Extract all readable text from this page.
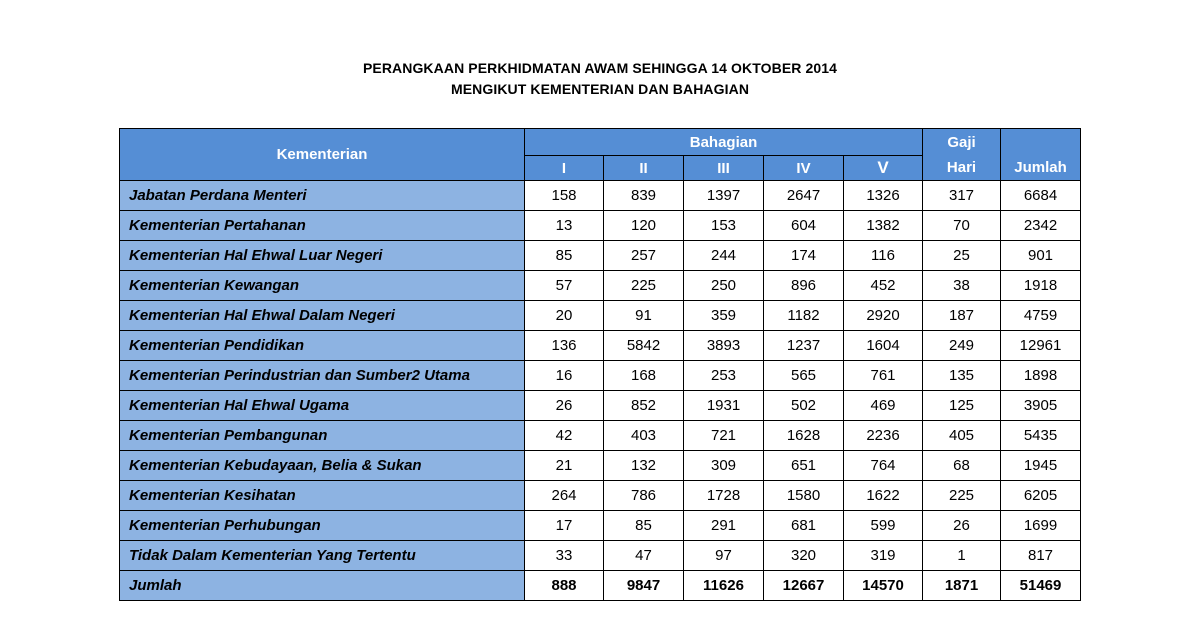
PERANGKAAN PERKHIDMATAN AWAM SEHINGGA 14 OKTOBER 2014
MENGIKUT KEMENTERIAN DAN BAHAGIAN
Kementerian	Bahagian					Gaji	
	I	II	III	IV	V	Hari	Jumlah
Jabatan Perdana Menteri	158	839	1397	2647	1326	317	6684
Kementerian Pertahanan	13	120	153	604	1382	70	2342
Kementerian Hal Ehwal Luar Negeri	85	257	244	174	116	25	901
Kementerian Kewangan	57	225	250	896	452	38	1918
Kementerian Hal Ehwal Dalam Negeri	20	91	359	1182	2920	187	4759
Kementerian Pendidikan	136	5842	3893	1237	1604	249	12961
Kementerian Perindustrian dan Sumber2 Utama	16	168	253	565	761	135	1898
Kementerian Hal Ehwal Ugama	26	852	1931	502	469	125	3905
Kementerian Pembangunan	42	403	721	1628	2236	405	5435
Kementerian Kebudayaan, Belia & Sukan	21	132	309	651	764	68	1945
Kementerian Kesihatan	264	786	1728	1580	1622	225	6205
Kementerian Perhubungan	17	85	291	681	599	26	1699
Tidak Dalam Kementerian Yang Tertentu	33	47	97	320	319	1	817
Jumlah	888	9847	11626	12667	14570	1871	51469
